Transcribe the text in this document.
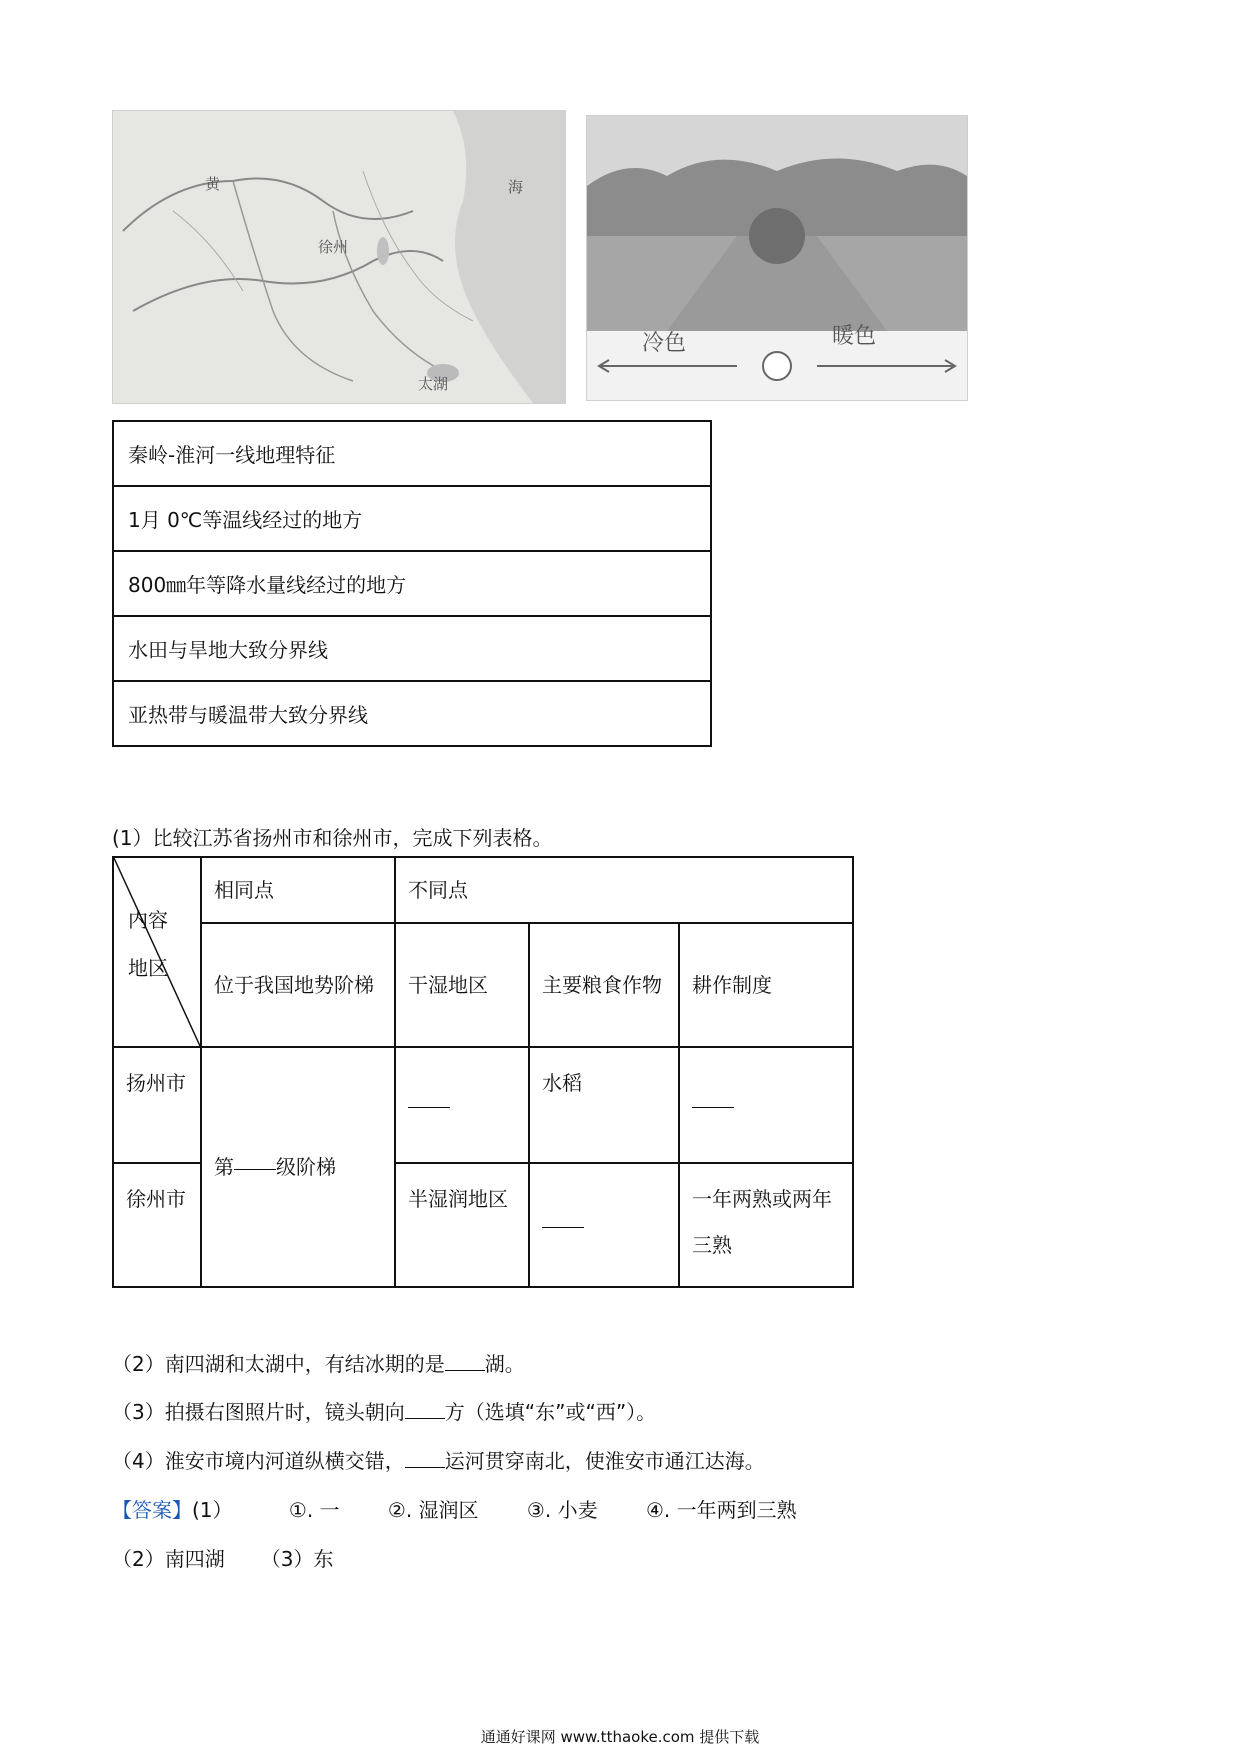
黄
徐州
海
太湖
冷色	暖色
秦岭-淮河一线地理特征
1月 0℃等温线经过的地方
800㎜年等降水量线经过的地方
水田与旱地大致分界线
亚热带与暖温带大致分界线
(1）比较江苏省扬州市和徐州市，完成下列表格。
内容
地区	相同点	不同点		
	位于我国地势阶梯	干湿地区	主要粮食作物	耕作制度
扬州市	第 级阶梯		水稻	
徐州市		半湿润地区		一年两熟或两年三熟
（2）南四湖和太湖中，有结冰期的是 湖。
（3）拍摄右图照片时，镜头朝向 方（选填“东”或“西”）。
（4）淮安市境内河道纵横交错， 运河贯穿南北，使淮安市通江达海。
【答案】(1）	①. 一 ②. 湿润区 ③. 小麦 ④. 一年两到三熟
（2）南四湖 （3）东
通通好课网 www.tthaoke.com 提供下载
